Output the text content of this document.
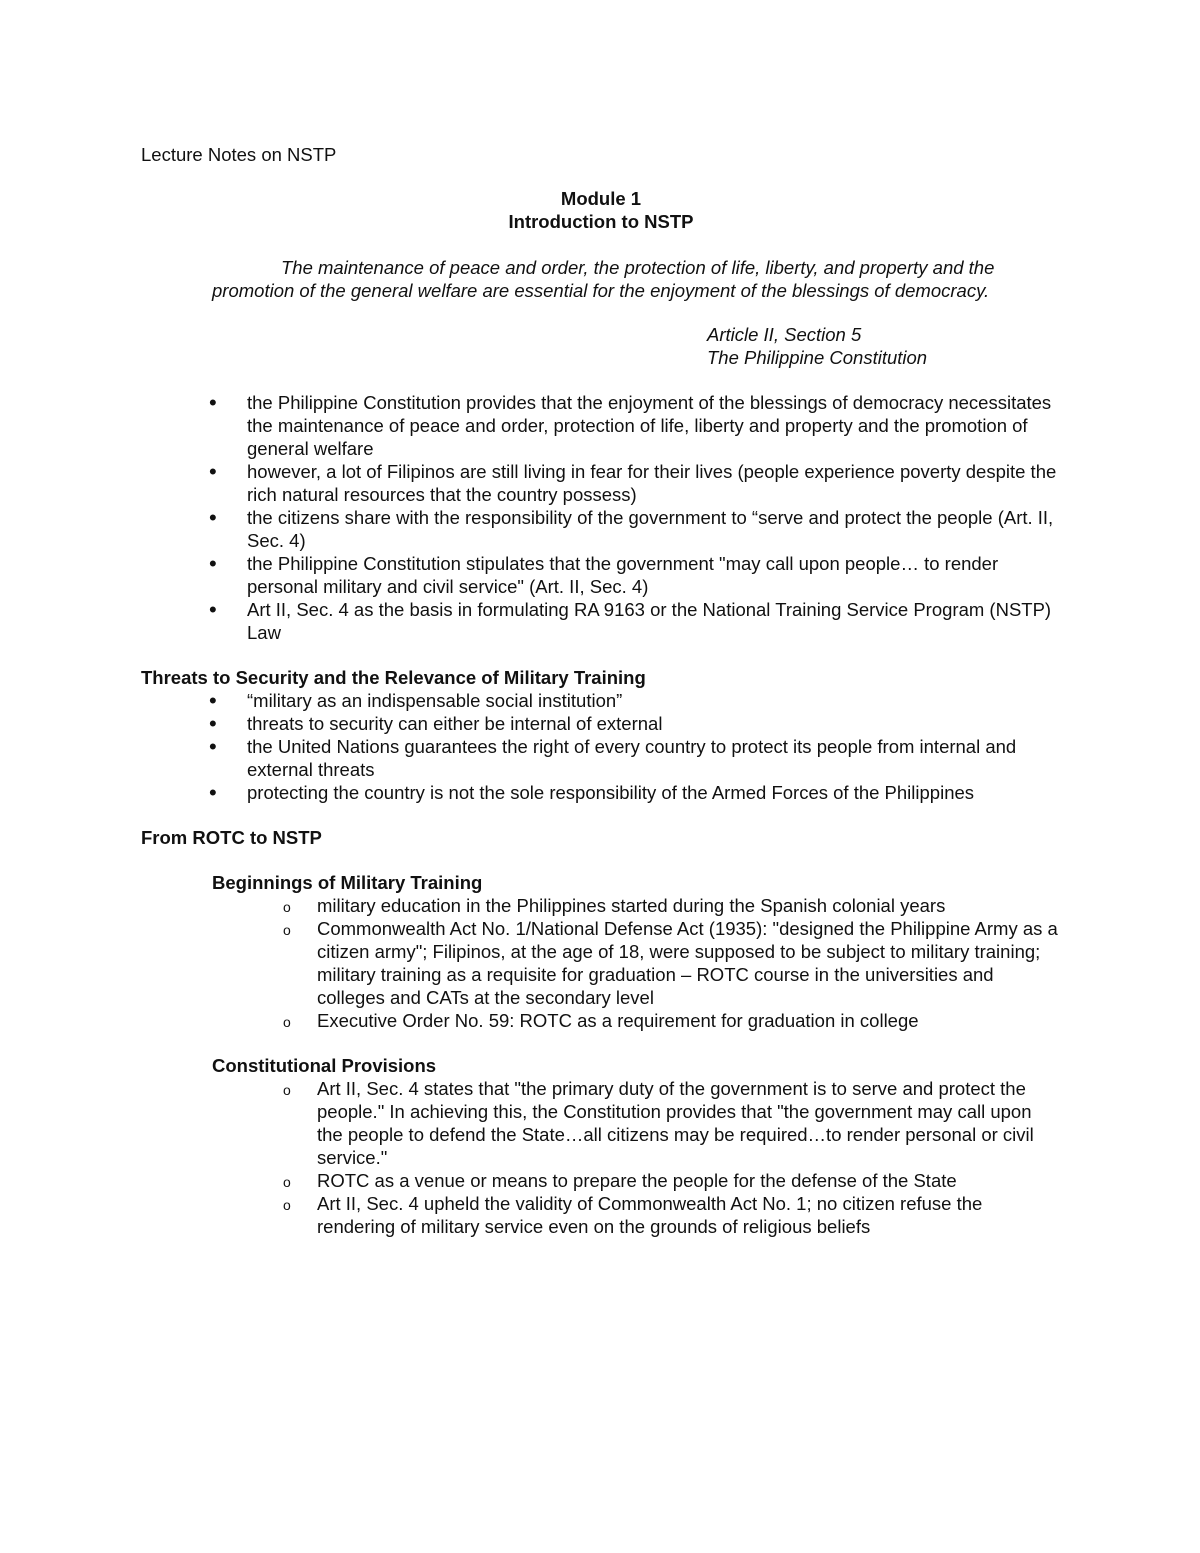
Lecture Notes on NSTP
Module 1
Introduction to NSTP
The maintenance of peace and order, the protection of life, liberty, and property and the
promotion of the general welfare are essential for the enjoyment of the blessings of democracy.
Article II, Section 5
The Philippine Constitution
• the Philippine Constitution provides that the enjoyment of the blessings of democracy necessitates the maintenance of peace and order, protection of life, liberty and property and the promotion of general welfare
• however, a lot of Filipinos are still living in fear for their lives (people experience poverty despite the rich natural resources that the country possess)
• the citizens share with the responsibility of the government to “serve and protect the people (Art. II, Sec. 4)
• the Philippine Constitution stipulates that the government "may call upon people… to render personal military and civil service" (Art. II, Sec. 4)
• Art II, Sec. 4 as the basis in formulating RA 9163 or the National Training Service Program (NSTP) Law
Threats to Security and the Relevance of Military Training
• “military as an indispensable social institution”
• threats to security can either be internal of external
• the United Nations guarantees the right of every country to protect its people from internal and external threats
• protecting the country is not the sole responsibility of the Armed Forces of the Philippines
From ROTC to NSTP
Beginnings of Military Training
o military education in the Philippines started during the Spanish colonial years
o Commonwealth Act No. 1/National Defense Act (1935): "designed the Philippine Army as a citizen army"; Filipinos, at the age of 18, were supposed to be subject to military training; military training as a requisite for graduation – ROTC course in the universities and colleges and CATs at the secondary level
o Executive Order No. 59: ROTC as a requirement for graduation in college
Constitutional Provisions
o Art II, Sec. 4 states that "the primary duty of the government is to serve and protect the people." In achieving this, the Constitution provides that "the government may call upon the people to defend the State…all citizens may be required…to render personal or civil service."
o ROTC as a venue or means to prepare the people for the defense of the State
o Art II, Sec. 4 upheld the validity of Commonwealth Act No. 1; no citizen refuse the rendering of military service even on the grounds of religious beliefs
